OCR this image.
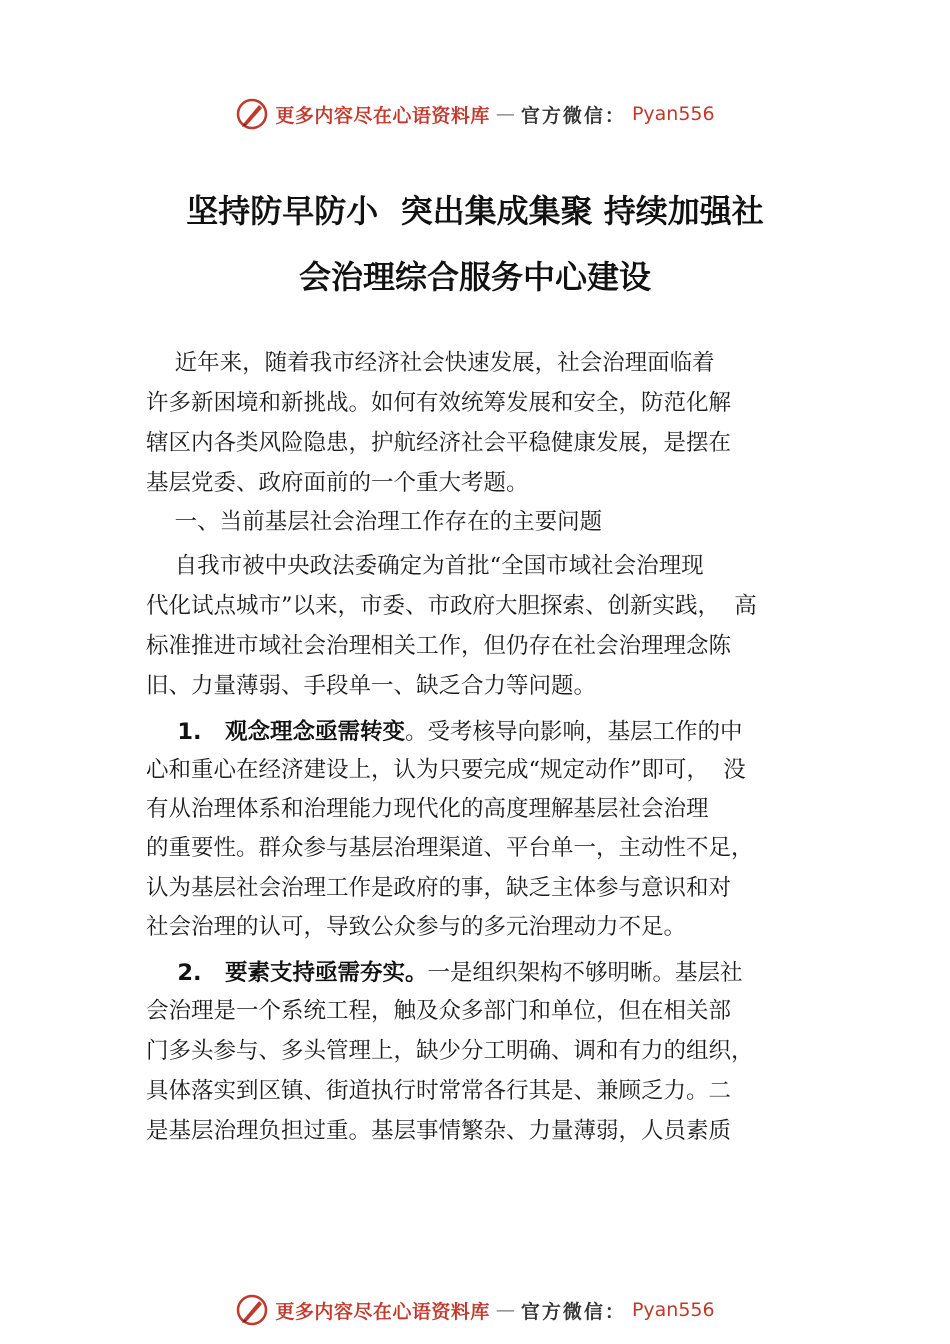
更多内容尽在心语资料库 — 官方微信： Pyan556
坚持防早防小  突出集成集聚 持续加强社
会治理综合服务中心建设
近年来，随着我市经济社会快速发展，社会治理面临着
许多新困境和新挑战。如何有效统筹发展和安全，防范化解
辖区内各类风险隐患，护航经济社会平稳健康发展，是摆在
基层党委、政府面前的一个重大考题。
一、当前基层社会治理工作存在的主要问题
自我市被中央政法委确定为首批“全国市域社会治理现
代化试点城市”以来，市委、市政府大胆探索、创新实践，  高
标准推进市域社会治理相关工作，但仍存在社会治理理念陈
旧、力量薄弱、手段单一、缺乏合力等问题。
1.   观念理念亟需转变。受考核导向影响，基层工作的中
心和重心在经济建设上，认为只要完成“规定动作”即可，  没
有从治理体系和治理能力现代化的高度理解基层社会治理
的重要性。群众参与基层治理渠道、平台单一，主动性不足，
认为基层社会治理工作是政府的事，缺乏主体参与意识和对
社会治理的认可，导致公众参与的多元治理动力不足。
2.   要素支持亟需夯实。一是组织架构不够明晰。基层社
会治理是一个系统工程，触及众多部门和单位，但在相关部
门多头参与、多头管理上，缺少分工明确、调和有力的组织，
具体落实到区镇、街道执行时常常各行其是、兼顾乏力。二
是基层治理负担过重。基层事情繁杂、力量薄弱，人员素质
更多内容尽在心语资料库 — 官方微信： Pyan556
